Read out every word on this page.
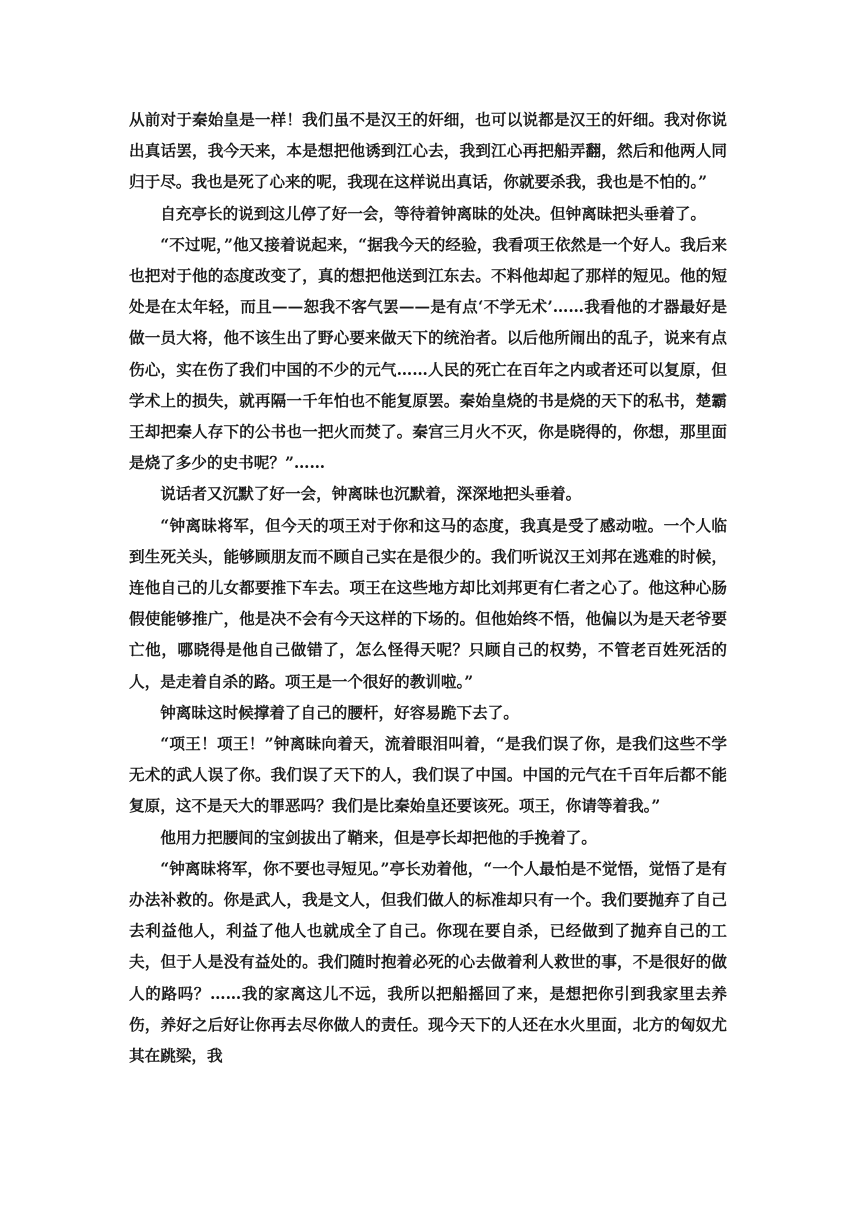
从前对于秦始皇是一样！我们虽不是汉王的奸细，也可以说都是汉王的奸细。我对你说出真话罢，我今天来，本是想把他诱到江心去，我到江心再把船弄翻，然后和他两人同归于尽。我也是死了心来的呢，我现在这样说出真话，你就要杀我，我也是不怕的。”

自充亭长的说到这儿停了好一会，等待着钟离昧的处决。但钟离昧把头垂着了。

“不过呢，”他又接着说起来，“据我今天的经验，我看项王依然是一个好人。我后来也把对于他的态度改变了，真的想把他送到江东去。不料他却起了那样的短见。他的短处是在太年轻，而且——恕我不客气罢——是有点‘不学无术’……我看他的才器最好是做一员大将，他不该生出了野心要来做天下的统治者。以后他所闹出的乱子，说来有点伤心，实在伤了我们中国的不少的元气……人民的死亡在百年之内或者还可以复原，但学术上的损失，就再隔一千年怕也不能复原罢。秦始皇烧的书是烧的天下的私书，楚霸王却把秦人存下的公书也一把火而焚了。秦宫三月火不灭，你是晓得的，你想，那里面是烧了多少的史书呢？”……

说话者又沉默了好一会，钟离昧也沉默着，深深地把头垂着。

“钟离昧将军，但今天的项王对于你和这马的态度，我真是受了感动啦。一个人临到生死关头，能够顾朋友而不顾自己实在是很少的。我们听说汉王刘邦在逃难的时候，连他自己的儿女都要推下车去。项王在这些地方却比刘邦更有仁者之心了。他这种心肠假使能够推广，他是决不会有今天这样的下场的。但他始终不悟，他偏以为是天老爷要亡他，哪晓得是他自己做错了，怎么怪得天呢？只顾自己的权势，不管老百姓死活的人，是走着自杀的路。项王是一个很好的教训啦。”

钟离昧这时候撑着了自己的腰杆，好容易跪下去了。

“项王！项王！”钟离昧向着天，流着眼泪叫着，“是我们误了你，是我们这些不学无术的武人误了你。我们误了天下的人，我们误了中国。中国的元气在千百年后都不能复原，这不是天大的罪恶吗？我们是比秦始皇还要该死。项王，你请等着我。”

他用力把腰间的宝剑拔出了鞘来，但是亭长却把他的手挽着了。

“钟离昧将军，你不要也寻短见。”亭长劝着他，“一个人最怕是不觉悟，觉悟了是有办法补救的。你是武人，我是文人，但我们做人的标准却只有一个。我们要抛弃了自己去利益他人，利益了他人也就成全了自己。你现在要自杀，已经做到了抛弃自己的工夫，但于人是没有益处的。我们随时抱着必死的心去做着利人救世的事，不是很好的做人的路吗？……我的家离这儿不远，我所以把船摇回了来，是想把你引到我家里去养伤，养好之后好让你再去尽你做人的责任。现今天下的人还在水火里面，北方的匈奴尤其在跳梁，我
